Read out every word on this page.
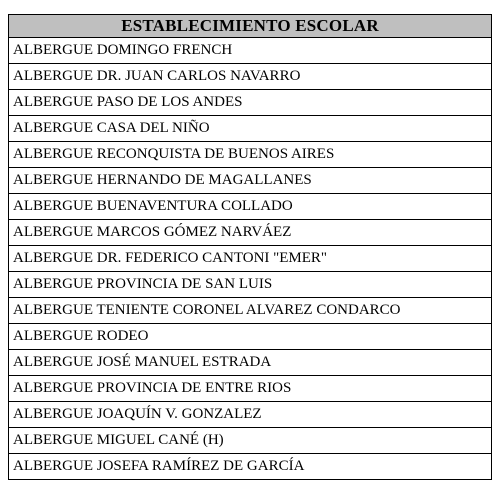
ESTABLECIMIENTO ESCOLAR
ALBERGUE DOMINGO FRENCH
ALBERGUE DR. JUAN CARLOS NAVARRO
ALBERGUE PASO DE LOS ANDES
ALBERGUE CASA DEL NIÑO
ALBERGUE RECONQUISTA DE BUENOS AIRES
ALBERGUE HERNANDO DE MAGALLANES
ALBERGUE BUENAVENTURA COLLADO
ALBERGUE MARCOS GÓMEZ NARVÁEZ
ALBERGUE DR. FEDERICO CANTONI "EMER"
ALBERGUE PROVINCIA DE SAN LUIS
ALBERGUE TENIENTE CORONEL ALVAREZ CONDARCO
ALBERGUE RODEO
ALBERGUE JOSÉ MANUEL ESTRADA
ALBERGUE PROVINCIA DE ENTRE RIOS
ALBERGUE JOAQUÍN V. GONZALEZ
ALBERGUE MIGUEL CANÉ (H)
ALBERGUE JOSEFA RAMÍREZ DE GARCÍA
